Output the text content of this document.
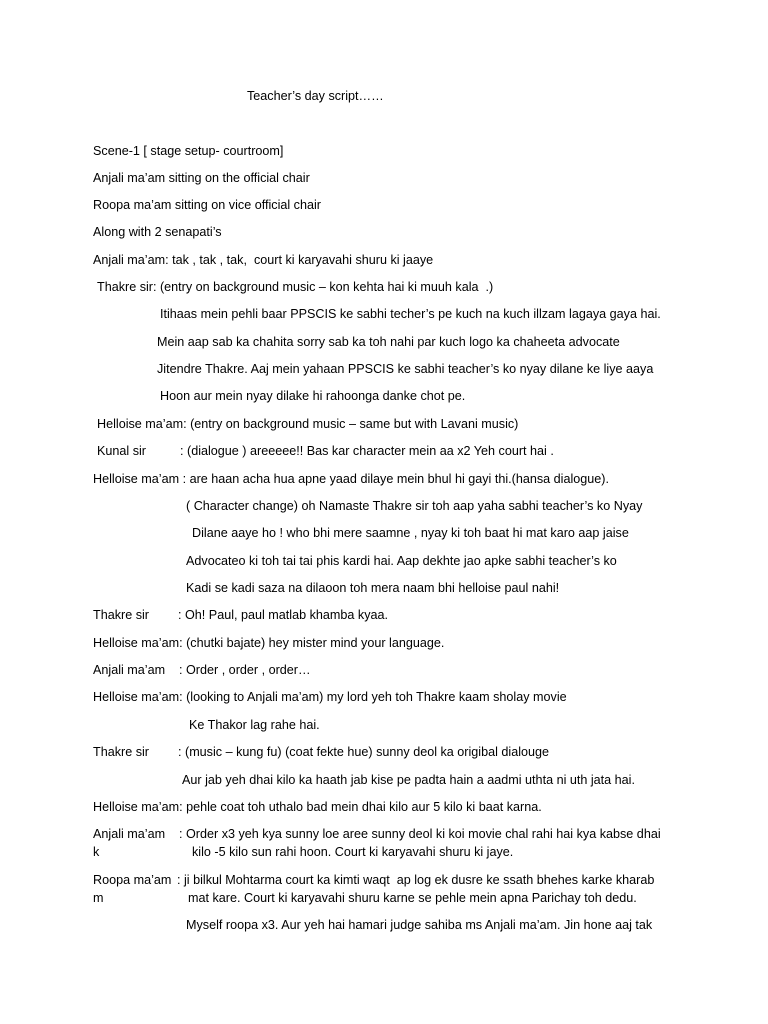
Teacher’s day script……
Scene-1 [ stage setup- courtroom]
Anjali ma’am sitting on the official chair
Roopa ma’am sitting on vice official chair
Along with 2 senapati’s
Anjali ma’am: tak , tak , tak,  court ki karyavahi shuru ki jaaye
Thakre sir: (entry on background music – kon kehta hai ki muuh kala  .)
Itihaas mein pehli baar PPSCIS ke sabhi techer’s pe kuch na kuch illzam lagaya gaya hai.
Mein aap sab ka chahita sorry sab ka toh nahi par kuch logo ka chaheeta advocate
Jitendre Thakre. Aaj mein yahaan PPSCIS ke sabhi teacher’s ko nyay dilane ke liye aaya
Hoon aur mein nyay dilake hi rahoonga danke chot pe.
Helloise ma’am: (entry on background music – same but with Lavani music)
Kunal sir	: (dialogue ) areeeee!! Bas kar character mein aa x2 Yeh court hai .
Helloise ma’am : are haan acha hua apne yaad dilaye mein bhul hi gayi thi.(hansa dialogue).
( Character change) oh Namaste Thakre sir toh aap yaha sabhi teacher’s ko Nyay
Dilane aaye ho ! who bhi mere saamne , nyay ki toh baat hi mat karo aap jaise
Advocateo ki toh tai tai phis kardi hai. Aap dekhte jao apke sabhi teacher’s ko
Kadi se kadi saza na dilaoon toh mera naam bhi helloise paul nahi!
Thakre sir : Oh! Paul, paul matlab khamba kyaa.
Helloise ma’am: (chutki bajate) hey mister mind your language.
Anjali ma’am : Order , order , order…
Helloise ma’am: (looking to Anjali ma’am) my lord yeh toh Thakre kaam sholay movie
Ke Thakor lag rahe hai.
Thakre sir : (music – kung fu) (coat fekte hue) sunny deol ka origibal dialouge
Aur jab yeh dhai kilo ka haath jab kise pe padta hain a aadmi uthta ni uth jata hai.
Helloise ma’am: pehle coat toh uthalo bad mein dhai kilo aur 5 kilo ki baat karna.
Anjali ma’am
k
: Order x3 yeh kya sunny loe aree sunny deol ki koi movie chal rahi hai kya kabse dhai
kilo -5 kilo sun rahi hoon. Court ki karyavahi shuru ki jaye.
Roopa ma’am
m
: ji bilkul Mohtarma court ka kimti waqt  ap log ek dusre ke ssath bhehes karke kharab
mat kare. Court ki karyavahi shuru karne se pehle mein apna Parichay toh dedu.
Myself roopa x3. Aur yeh hai hamari judge sahiba ms Anjali ma’am. Jin hone aaj tak
